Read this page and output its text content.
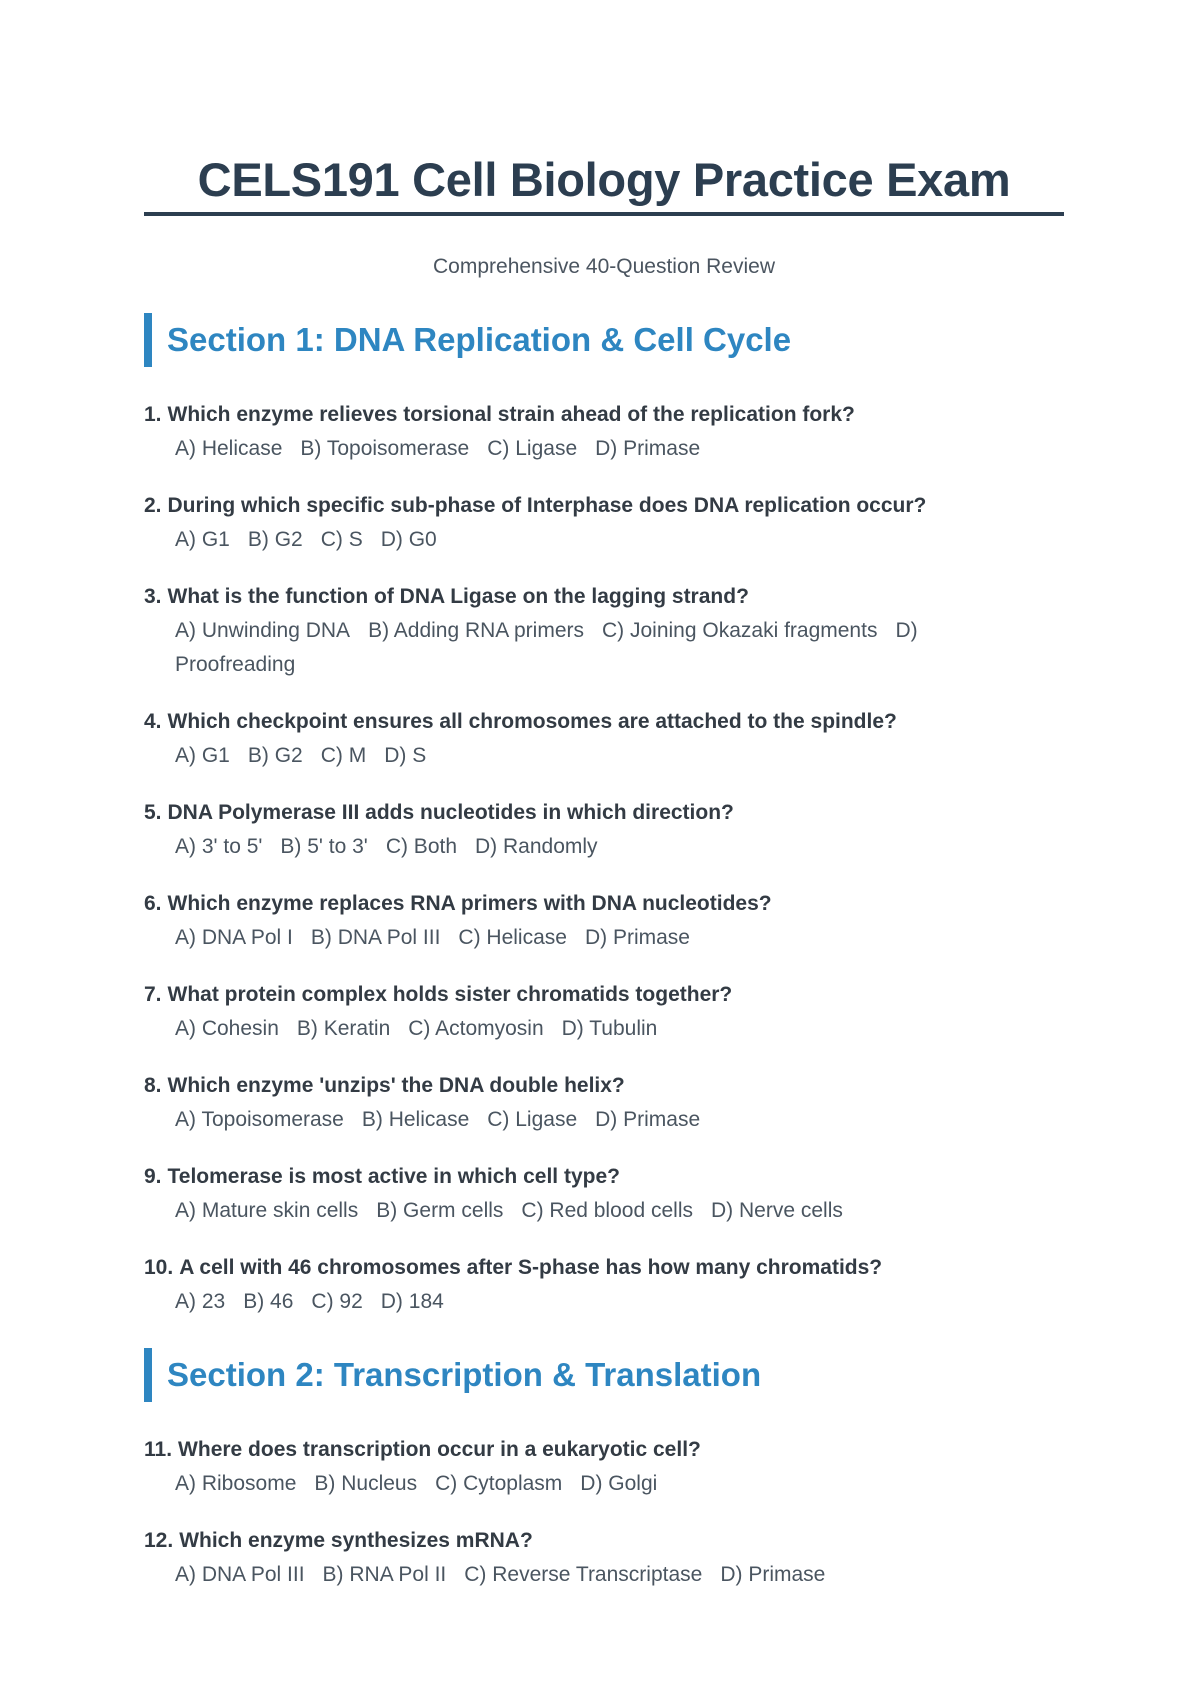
CELS191 Cell Biology Practice Exam
Comprehensive 40-Question Review
Section 1: DNA Replication & Cell Cycle

1. Which enzyme relieves torsional strain ahead of the replication fork?

A) Helicase B) Topoisomerase C) Ligase D) Primase

2. During which specific sub-phase of Interphase does DNA replication occur?

A) G1 B) G2 C) S D) G0

3. What is the function of DNA Ligase on the lagging strand?

A) Unwinding DNA B) Adding RNA primers C) Joining Okazaki fragments D) Proofreading

4. Which checkpoint ensures all chromosomes are attached to the spindle?

A) G1 B) G2 C) M D) S

5. DNA Polymerase III adds nucleotides in which direction?

A) 3' to 5' B) 5' to 3' C) Both D) Randomly

6. Which enzyme replaces RNA primers with DNA nucleotides?

A) DNA Pol I B) DNA Pol III C) Helicase D) Primase

7. What protein complex holds sister chromatids together?

A) Cohesin B) Keratin C) Actomyosin D) Tubulin

8. Which enzyme 'unzips' the DNA double helix?

A) Topoisomerase B) Helicase C) Ligase D) Primase

9. Telomerase is most active in which cell type?

A) Mature skin cells B) Germ cells C) Red blood cells D) Nerve cells

10. A cell with 46 chromosomes after S-phase has how many chromatids?

A) 23 B) 46 C) 92 D) 184

Section 2: Transcription & Translation

11. Where does transcription occur in a eukaryotic cell?

A) Ribosome B) Nucleus C) Cytoplasm D) Golgi

12. Which enzyme synthesizes mRNA?

A) DNA Pol III B) RNA Pol II C) Reverse Transcriptase D) Primase
